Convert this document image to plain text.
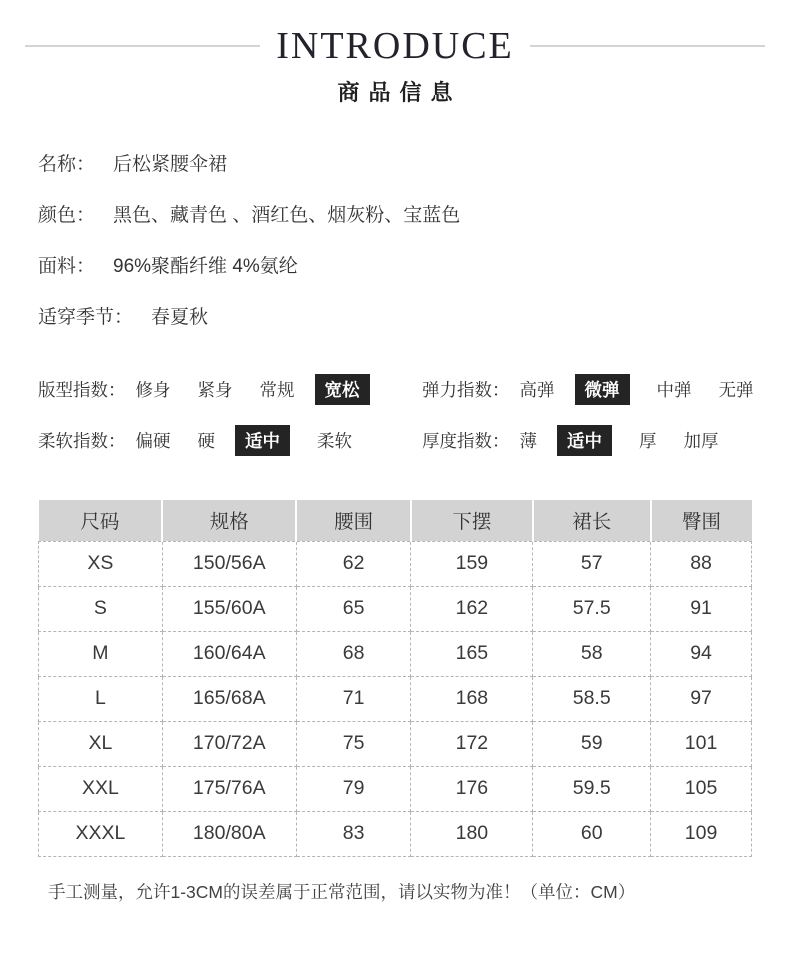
INTRODUCE
商品信息
名称： 后松紧腰伞裙
颜色： 黑色、藏青色 、酒红色、烟灰粉、宝蓝色
面料： 96%聚酯纤维 4%氨纶
适穿季节： 春夏秋
版型指数： 修身 紧身 常规	宽松	弹力指数： 高弹	微弹	中弹 无弹
柔软指数： 偏硬 硬	适中	柔软	厚度指数： 薄	适中	厚 加厚
尺码	规格	腰围	下摆	裙长	臀围
XS	150/56A	62	159	57	88
S	155/60A	65	162	57.5	91
M	160/64A	68	165	58	94
L	165/68A	71	168	58.5	97
XL	170/72A	75	172	59	101
XXL	175/76A	79	176	59.5	105
XXXL	180/80A	83	180	60	109
手工测量，允许1-3CM的误差属于正常范围，请以实物为准！（单位：CM）
